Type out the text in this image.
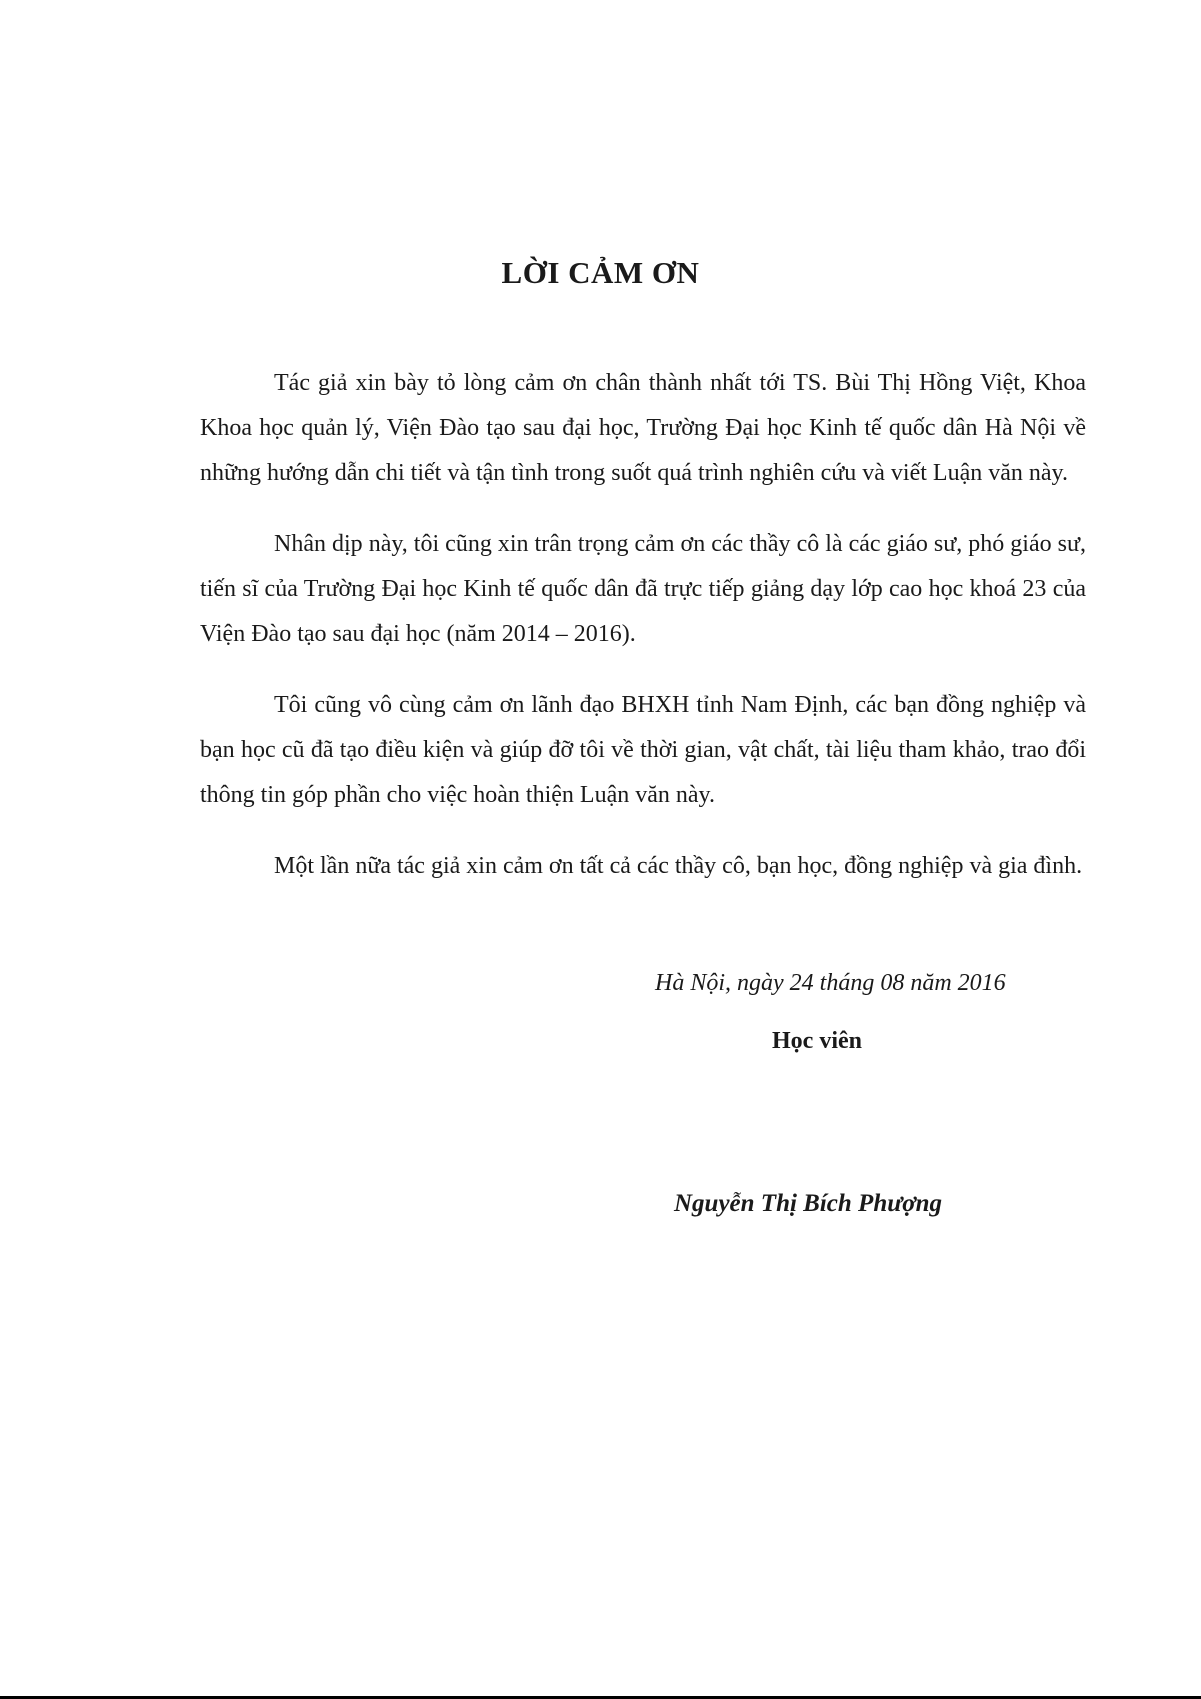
LỜI CẢM ƠN

Tác giả xin bày tỏ lòng cảm ơn chân thành nhất tới TS. Bùi Thị Hồng Việt, Khoa Khoa học quản lý, Viện Đào tạo sau đại học, Trường Đại học Kinh tế quốc dân Hà Nội về những hướng dẫn chi tiết và tận tình trong suốt quá trình nghiên cứu và viết Luận văn này.

Nhân dịp này, tôi cũng xin trân trọng cảm ơn các thầy cô là các giáo sư, phó giáo sư, tiến sĩ của Trường Đại học Kinh tế quốc dân đã trực tiếp giảng dạy lớp cao học khoá 23 của Viện Đào tạo sau đại học (năm 2014 – 2016).

Tôi cũng vô cùng cảm ơn lãnh đạo BHXH tỉnh Nam Định, các bạn đồng nghiệp và bạn học cũ đã tạo điều kiện và giúp đỡ tôi về thời gian, vật chất, tài liệu tham khảo, trao đổi thông tin góp phần cho việc hoàn thiện Luận văn này.

Một lần nữa tác giả xin cảm ơn tất cả các thầy cô, bạn học, đồng nghiệp và gia đình.

Hà Nội, ngày 24 tháng 08 năm 2016
Học viên
Nguyễn Thị Bích Phượng
